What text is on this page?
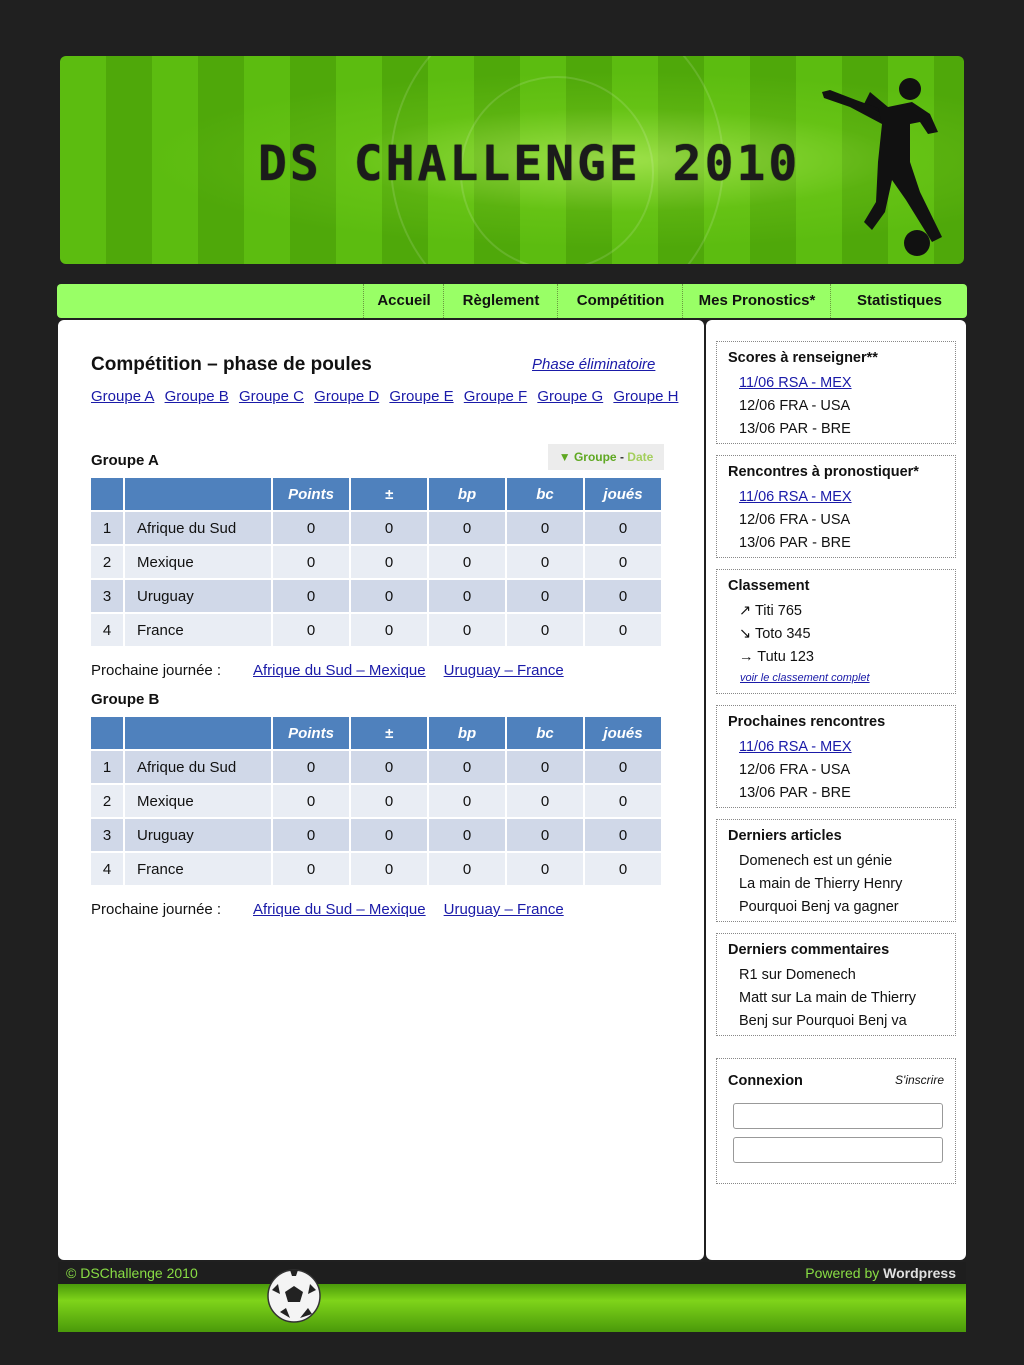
DS CHALLENGE 2010
Accueil	Règlement	Compétition	Mes Pronostics*	Statistiques
Compétition – phase de poules	Phase éliminatoire
Groupe A Groupe B Groupe C Groupe D Groupe E Groupe F Groupe G Groupe H
▼ Groupe - Date
Groupe A
		Points	±	bp	bc	joués
1	Afrique du Sud	0	0	0	0	0
2	Mexique	0	0	0	0	0
3	Uruguay	0	0	0	0	0
4	France	0	0	0	0	0
Prochaine journée : Afrique du Sud – Mexique Uruguay – France
Groupe B
		Points	±	bp	bc	joués
1	Afrique du Sud	0	0	0	0	0
2	Mexique	0	0	0	0	0
3	Uruguay	0	0	0	0	0
4	France	0	0	0	0	0
Prochaine journée : Afrique du Sud – Mexique Uruguay – France
Scores à renseigner**
11/06 RSA - MEX
12/06 FRA - USA
13/06 PAR - BRE
Rencontres à pronostiquer*
11/06 RSA - MEX
12/06 FRA - USA
13/06 PAR - BRE
Classement
↗ Titi 765
↘ Toto 345
→ Tutu 123
voir le classement complet
Prochaines rencontres
11/06 RSA - MEX
12/06 FRA - USA
13/06 PAR - BRE
Derniers articles
Domenech est un génie
La main de Thierry Henry
Pourquoi Benj va gagner
Derniers commentaires
R1 sur Domenech
Matt sur La main de Thierry
Benj sur Pourquoi Benj va
Connexion	S'inscrire
© DSChallenge 2010	Powered by Wordpress
